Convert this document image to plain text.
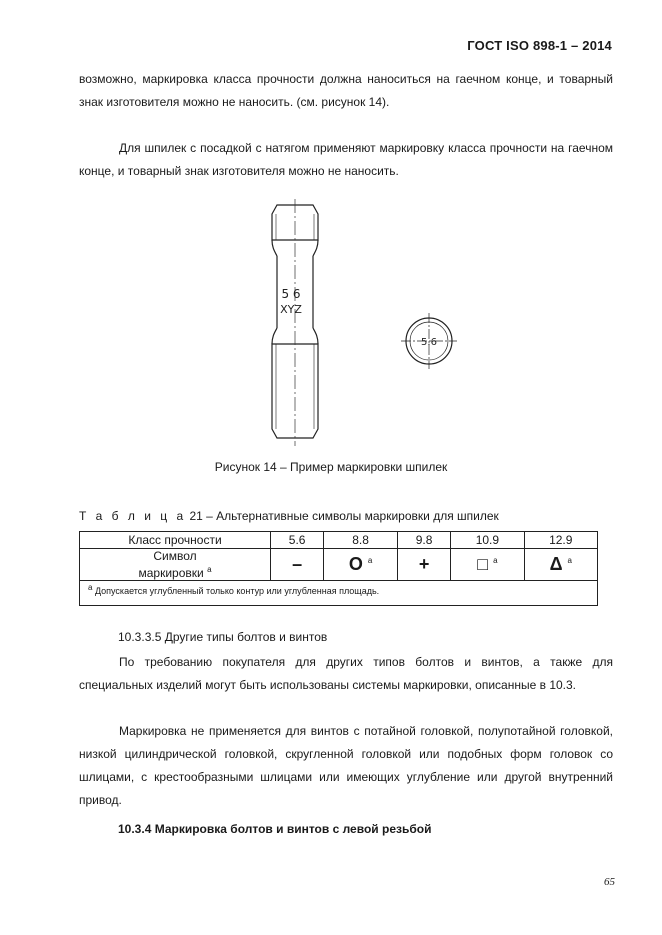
ГОСТ ISO 898-1 – 2014
возможно, маркировка класса прочности должна наноситься на гаечном конце, и товарный знак изготовителя можно не наносить. (см. рисунок 14).
Для шпилек с посадкой с натягом применяют маркировку класса прочности на гаечном конце, и товарный знак изготовителя можно не наносить.
5 6
XYZ
5.6
Рисунок 14 – Пример маркировки шпилек
Т а б л и ц а 21 – Альтернативные символы маркировки для шпилек
Класс прочности	5.6	8.8	9.8	10.9	12.9
Символ
маркировки $^a$	–	O $^a$	+	□ $^a$	Δ $^a$
$^a$ Допускается углубленный только контур или углубленная площадь.					
10.3.3.5 Другие типы болтов и винтов
По требованию покупателя для других типов болтов и винтов, а также для специальных изделий могут быть использованы системы маркировки, описанные в 10.3.
Маркировка не применяется для винтов с потайной головкой, полупотайной головкой, низкой цилиндрической головкой, скругленной головкой или подобных форм головок со шлицами, с крестообразными шлицами или имеющих углубление или другой внутренний привод.
10.3.4 Маркировка болтов и винтов с левой резьбой
65
